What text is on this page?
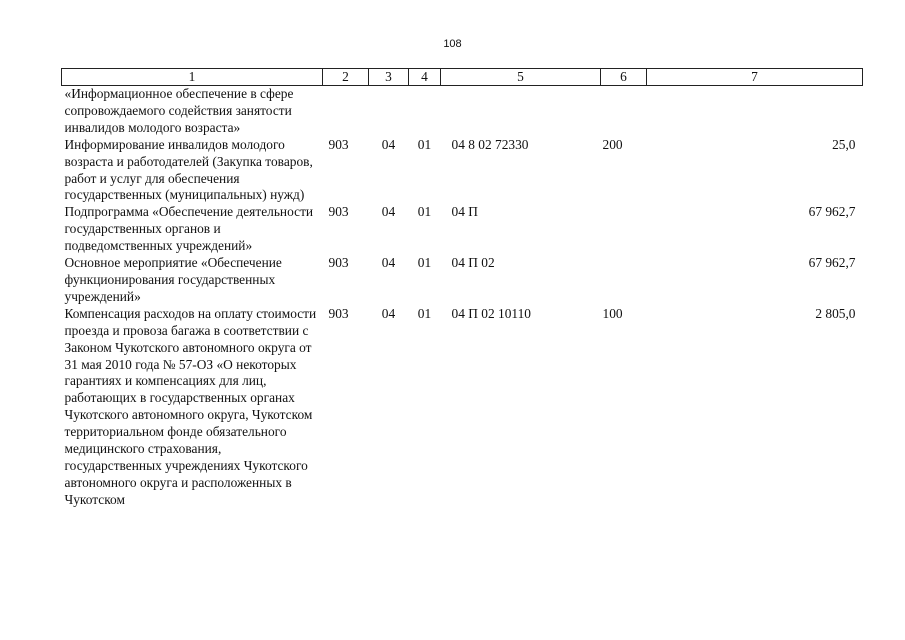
108
1	2	3	4	5	6	7
«Информационное обеспечение в сфере сопровождаемого содействия занятости инвалидов молодого возраста»						
Информирование инвалидов молодого возраста и работодателей (Закупка товаров, работ и услуг для обеспечения государственных (муниципальных) нужд)	903	04	01	04 8 02 72330	200	25,0
Подпрограмма «Обеспечение деятельности государственных органов и подведомственных учреждений»	903	04	01	04 П		67 962,7
Основное мероприятие «Обеспечение функционирования государственных учреждений»	903	04	01	04 П 02		67 962,7
Компенсация расходов на оплату стоимости проезда и провоза багажа в соответствии с Законом Чукотского автономного округа от 31 мая 2010 года № 57-ОЗ «О некоторых гарантиях и компенсациях для лиц, работающих в государственных органах Чукотского автономного округа, Чукотском территориальном фонде обязательного медицинского страхования, государственных учреждениях Чукотского автономного округа и расположенных в Чукотском	903	04	01	04 П 02 10110	100	2 805,0
